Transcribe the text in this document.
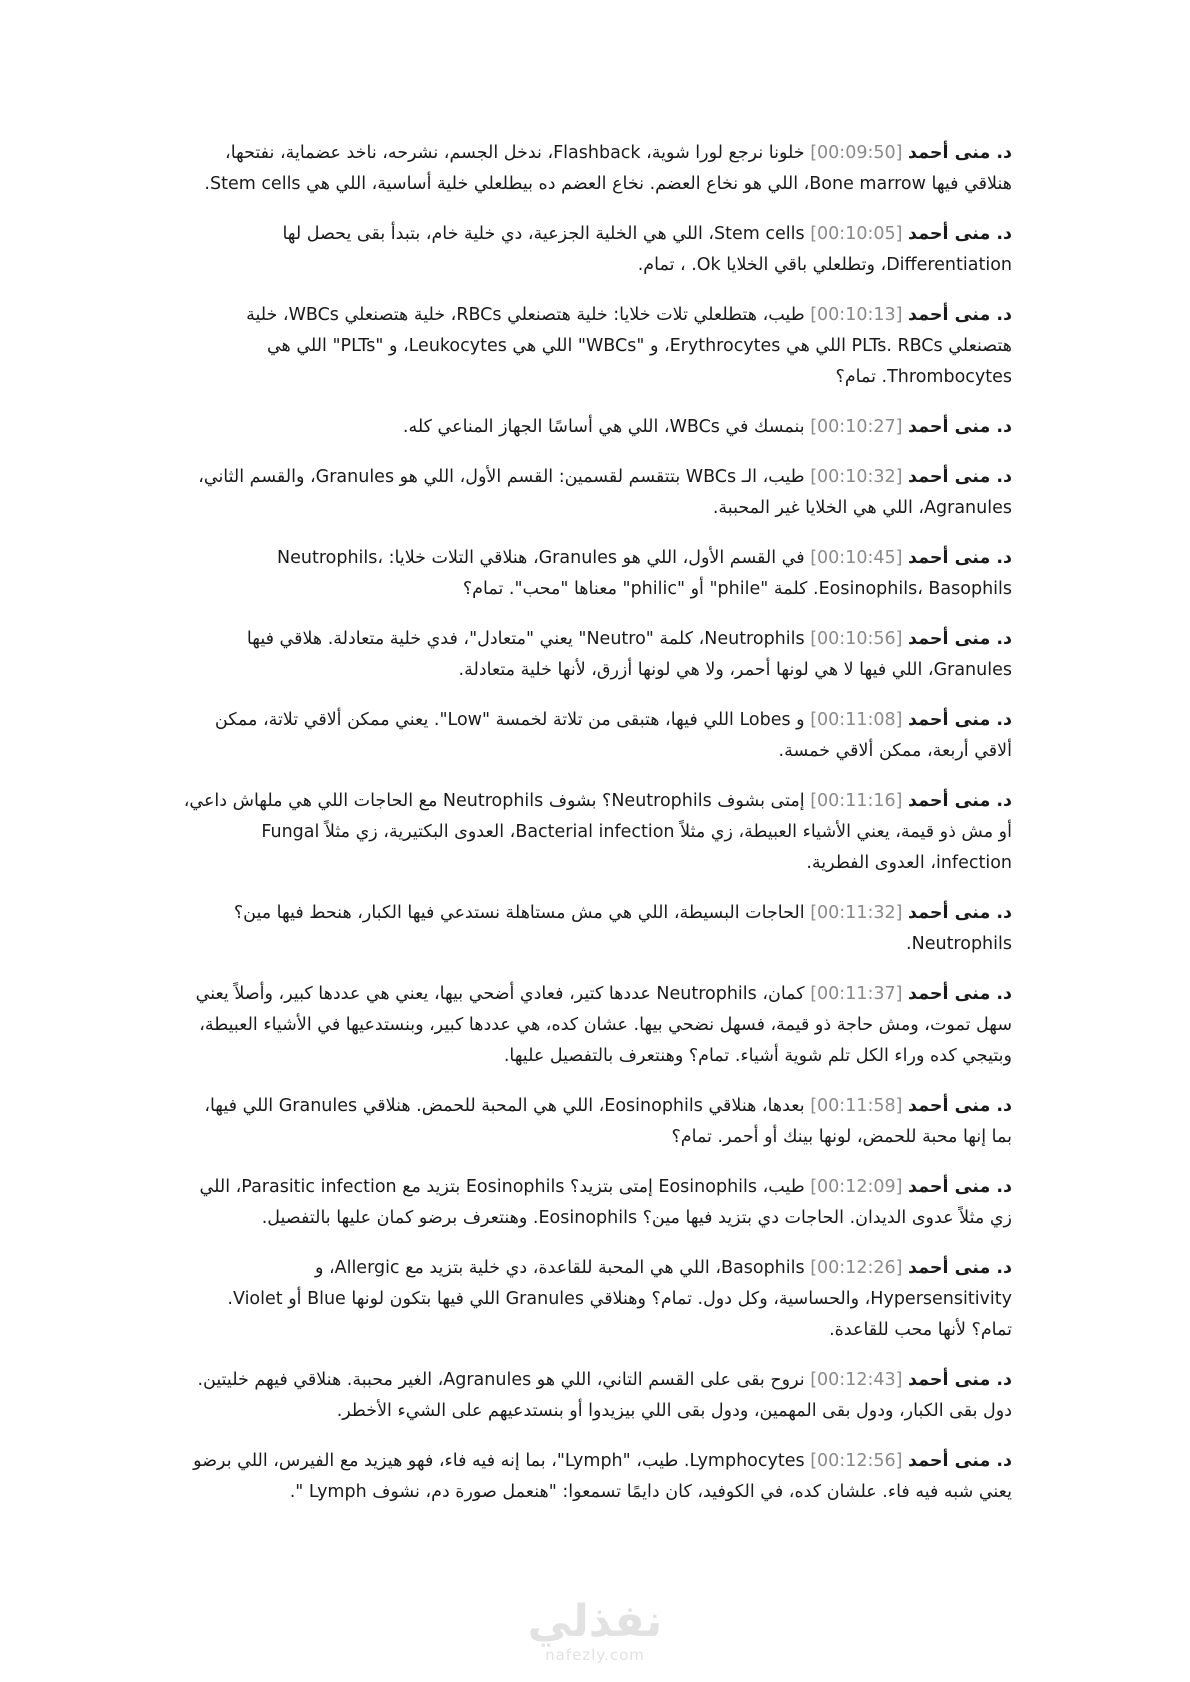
د. منى أحمد [00:09:50] خلونا نرجع لورا شوية، Flashback، ندخل الجسم، نشرحه، ناخد عضماية، نفتحها، هنلاقي فيها Bone marrow، اللي هو نخاع العضم. نخاع العضم ده بيطلعلي خلية أساسية، اللي هي Stem cells.

د. منى أحمد [00:10:05] Stem cells، اللي هي الخلية الجزعية، دي خلية خام، بتبدأ بقى يحصل لها Differentiation، وتطلعلي باقي الخلايا Ok. ، تمام.

د. منى أحمد [00:10:13] طيب، هتطلعلي تلات خلايا: خلية هتصنعلي RBCs، خلية هتصنعلي WBCs، خلية هتصنعلي PLTs. RBCs اللي هي Erythrocytes، و "WBCs" اللي هي Leukocytes، و "PLTs" اللي هي Thrombocytes. تمام؟

د. منى أحمد [00:10:27] بنمسك في WBCs، اللي هي أساسًا الجهاز المناعي كله.

د. منى أحمد [00:10:32] طيب، الـ WBCs بتتقسم لقسمين: القسم الأول، اللي هو Granules، والقسم الثاني، Agranules، اللي هي الخلايا غير المحببة.

د. منى أحمد [00:10:45] في القسم الأول، اللي هو Granules، هنلاقي التلات خلايا: Neutrophils، Eosinophils، Basophils. كلمة "phile" أو "philic" معناها "محب". تمام؟

د. منى أحمد [00:10:56] Neutrophils، كلمة "Neutro" يعني "متعادل"، فدي خلية متعادلة. هلاقي فيها Granules، اللي فيها لا هي لونها أحمر، ولا هي لونها أزرق، لأنها خلية متعادلة.

د. منى أحمد [00:11:08] و Lobes اللي فيها، هتبقى من تلاتة لخمسة "Low". يعني ممكن ألاقي تلاتة، ممكن ألاقي أربعة، ممكن ألاقي خمسة.

د. منى أحمد [00:11:16] إمتى بشوف Neutrophils؟ بشوف Neutrophils مع الحاجات اللي هي ملهاش داعي، أو مش ذو قيمة، يعني الأشياء العبيطة، زي مثلاً Bacterial infection، العدوى البكتيرية، زي مثلاً Fungal infection، العدوى الفطرية.

د. منى أحمد [00:11:32] الحاجات البسيطة، اللي هي مش مستاهلة نستدعي فيها الكبار، هنحط فيها مين؟ Neutrophils.

د. منى أحمد [00:11:37] كمان، Neutrophils عددها كتير، فعادي أضحي بيها، يعني هي عددها كبير، وأصلاً يعني سهل تموت، ومش حاجة ذو قيمة، فسهل نضحي بيها. عشان كده، هي عددها كبير، وبنستدعيها في الأشياء العبيطة، وبتيجي كده وراء الكل تلم شوية أشياء. تمام؟ وهنتعرف بالتفصيل عليها.

د. منى أحمد [00:11:58] بعدها، هنلاقي Eosinophils، اللي هي المحبة للحمض. هنلاقي Granules اللي فيها، بما إنها محبة للحمض، لونها بينك أو أحمر. تمام؟

د. منى أحمد [00:12:09] طيب، Eosinophils إمتى بتزيد؟ Eosinophils بتزيد مع Parasitic infection، اللي زي مثلاً عدوى الديدان. الحاجات دي بتزيد فيها مين؟ Eosinophils. وهنتعرف برضو كمان عليها بالتفصيل.

د. منى أحمد [00:12:26] Basophils، اللي هي المحبة للقاعدة، دي خلية بتزيد مع Allergic، و Hypersensitivity، والحساسية، وكل دول. تمام؟ وهنلاقي Granules اللي فيها بتكون لونها Blue أو Violet. تمام؟ لأنها محب للقاعدة.

د. منى أحمد [00:12:43] نروح بقى على القسم التاني، اللي هو Agranules، الغير محببة. هنلاقي فيهم خليتين. دول بقى الكبار، ودول بقى المهمين، ودول بقى اللي بيزيدوا أو بنستدعيهم على الشيء الأخطر.

د. منى أحمد [00:12:56] Lymphocytes. طيب، "Lymph"، بما إنه فيه فاء، فهو هيزيد مع الفيرس، اللي برضو يعني شبه فيه فاء. علشان كده، في الكوفيد، كان دايمًا تسمعوا: "هنعمل صورة دم، نشوف Lymph ".

نفذلي
nafezly.com
